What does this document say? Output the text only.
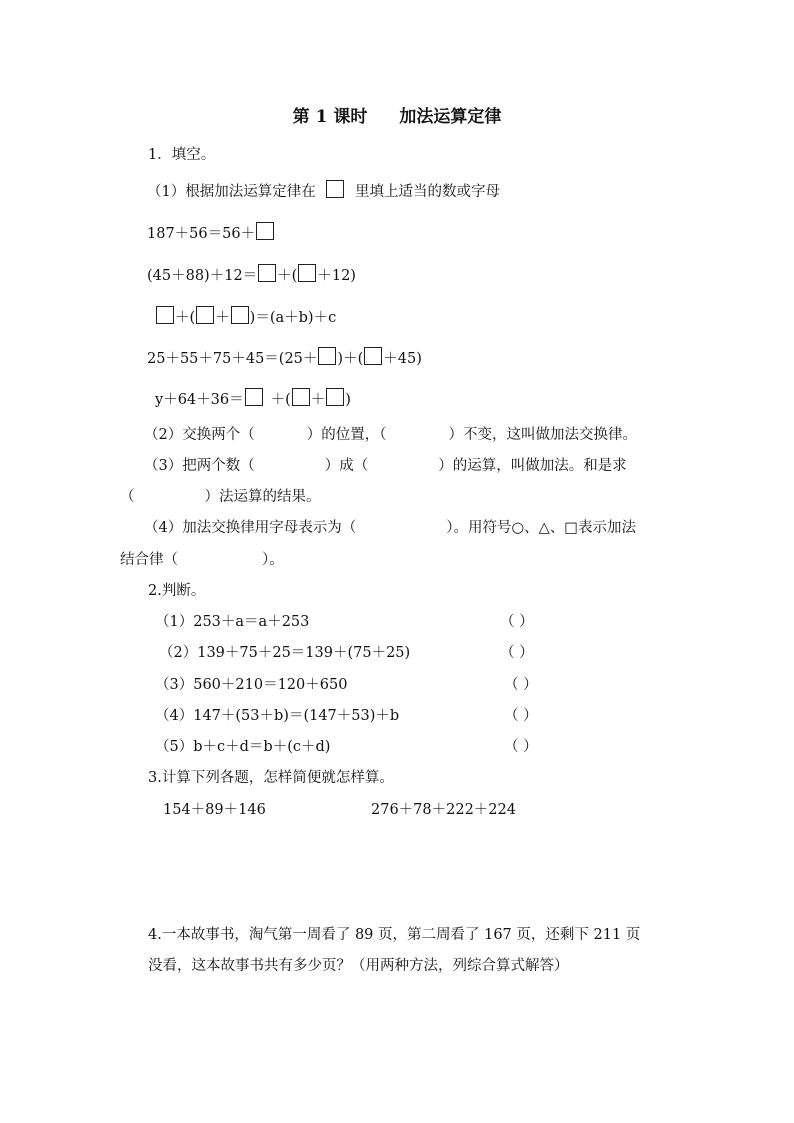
第 1 课时 加法运算定律
1．填空。
（1）根据加法运算定律在	里填上适当的数或字母
187＋56＝56＋
(45＋88)＋12＝ ＋( ＋12)
＋( ＋ )＝(a＋b)＋c
25＋55＋75＋45＝(25＋ )＋( ＋45)
y＋64＋36＝ ＋( ＋ )
（2）交换两个（	）的位置，（	）不变，这叫做加法交换律。
（3）把两个数（	）成（	）的运算，叫做加法。和是求
（	）法运算的结果。
（4）加法交换律用字母表示为（	）。用符号○、△、□表示加法
结合律（	）。
2.判断。
（1）253＋a＝a＋253	（ ）
（2）139＋75＋25＝139＋(75＋25)	（ ）
（3）560＋210＝120＋650	（ ）
（4）147＋(53＋b)＝(147＋53)＋b	（ ）
（5）b＋c＋d＝b＋(c＋d)	（ ）
3.计算下列各题，怎样简便就怎样算。
154＋89＋146	276＋78＋222＋224
4.一本故事书，淘气第一周看了 89 页，第二周看了 167 页，还剩下 211 页
没看，这本故事书共有多少页？（用两种方法，列综合算式解答）
